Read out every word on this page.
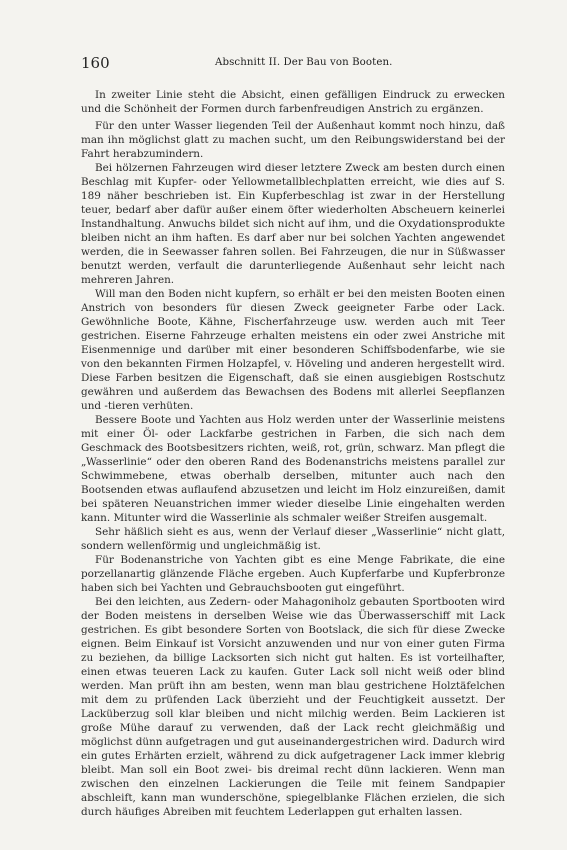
160	Abschnitt II. Der Bau von Booten.

In zweiter Linie steht die Absicht, einen gefälligen Eindruck zu erwecken und die Schönheit der Formen durch farbenfreudigen Anstrich zu ergänzen.

Für den unter Wasser liegenden Teil der Außenhaut kommt noch hinzu, daß man ihn möglichst glatt zu machen sucht, um den Reibungswiderstand bei der Fahrt herabzumindern.

Bei hölzernen Fahrzeugen wird dieser letztere Zweck am besten durch einen Beschlag mit Kupfer- oder Yellowmetallblechplatten erreicht, wie dies auf S. 189 näher beschrieben ist. Ein Kupferbeschlag ist zwar in der Herstellung teuer, bedarf aber dafür außer einem öfter wiederholten Abscheuern keinerlei Instandhaltung. Anwuchs bildet sich nicht auf ihm, und die Oxydationsprodukte bleiben nicht an ihm haften. Es darf aber nur bei solchen Yachten angewendet werden, die in Seewasser fahren sollen. Bei Fahrzeugen, die nur in Süßwasser benutzt werden, verfault die darunterliegende Außenhaut sehr leicht nach mehreren Jahren.

Will man den Boden nicht kupfern, so erhält er bei den meisten Booten einen Anstrich von besonders für diesen Zweck geeigneter Farbe oder Lack. Gewöhnliche Boote, Kähne, Fischerfahrzeuge usw. werden auch mit Teer gestrichen. Eiserne Fahrzeuge erhalten meistens ein oder zwei Anstriche mit Eisenmennige und darüber mit einer besonderen Schiffsbodenfarbe, wie sie von den bekannten Firmen Holzapfel, v. Höveling und anderen hergestellt wird. Diese Farben besitzen die Eigenschaft, daß sie einen ausgiebigen Rostschutz gewähren und außerdem das Bewachsen des Bodens mit allerlei Seepflanzen und -tieren verhüten.

Bessere Boote und Yachten aus Holz werden unter der Wasserlinie meistens mit einer Öl- oder Lackfarbe gestrichen in Farben, die sich nach dem Geschmack des Bootsbesitzers richten, weiß, rot, grün, schwarz. Man pflegt die „Wasserlinie“ oder den oberen Rand des Bodenanstrichs meistens parallel zur Schwimmebene, etwas oberhalb derselben, mitunter auch nach den Bootsenden etwas auflaufend abzusetzen und leicht im Holz einzureißen, damit bei späteren Neuanstrichen immer wieder dieselbe Linie eingehalten werden kann. Mitunter wird die Wasserlinie als schmaler weißer Streifen ausgemalt.

Sehr häßlich sieht es aus, wenn der Verlauf dieser „Wasserlinie“ nicht glatt, sondern wellenförmig und ungleichmäßig ist.

Für Bodenanstriche von Yachten gibt es eine Menge Fabrikate, die eine porzellanartig glänzende Fläche ergeben. Auch Kupferfarbe und Kupferbronze haben sich bei Yachten und Gebrauchsbooten gut eingeführt.

Bei den leichten, aus Zedern- oder Mahagoniholz gebauten Sportbooten wird der Boden meistens in derselben Weise wie das Überwasserschiff mit Lack gestrichen. Es gibt besondere Sorten von Bootslack, die sich für diese Zwecke eignen. Beim Einkauf ist Vorsicht anzuwenden und nur von einer guten Firma zu beziehen, da billige Lacksorten sich nicht gut halten. Es ist vorteilhafter, einen etwas teueren Lack zu kaufen. Guter Lack soll nicht weiß oder blind werden. Man prüft ihn am besten, wenn man blau gestrichene Holztäfelchen mit dem zu prüfenden Lack überzieht und der Feuchtigkeit aussetzt. Der Lacküberzug soll klar bleiben und nicht milchig werden. Beim Lackieren ist große Mühe darauf zu verwenden, daß der Lack recht gleichmäßig und möglichst dünn aufgetragen und gut auseinandergestrichen wird. Dadurch wird ein gutes Erhärten erzielt, während zu dick aufgetragener Lack immer klebrig bleibt. Man soll ein Boot zwei- bis dreimal recht dünn lackieren. Wenn man zwischen den einzelnen Lackierungen die Teile mit feinem Sandpapier abschleift, kann man wunderschöne, spiegelblanke Flächen erzielen, die sich durch häufiges Abreiben mit feuchtem Lederlappen gut erhalten lassen.
